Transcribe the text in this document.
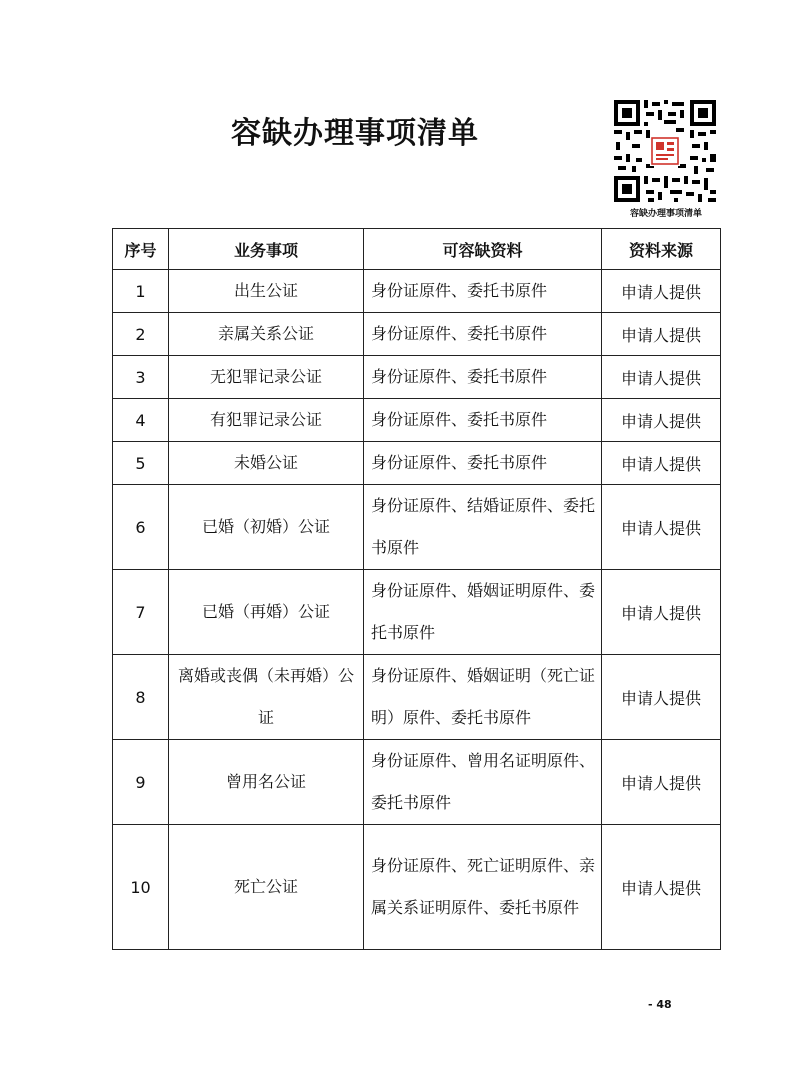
容缺办理事项清单
容缺办理事项清单
序号	业务事项	可容缺资料	资料来源
1	出生公证	身份证原件、委托书原件	申请人提供
2	亲属关系公证	身份证原件、委托书原件	申请人提供
3	无犯罪记录公证	身份证原件、委托书原件	申请人提供
4	有犯罪记录公证	身份证原件、委托书原件	申请人提供
5	未婚公证	身份证原件、委托书原件	申请人提供
6	已婚（初婚）公证	身份证原件、结婚证原件、委托书原件	申请人提供
7	已婚（再婚）公证	身份证原件、婚姻证明原件、委托书原件	申请人提供
8	离婚或丧偶（未再婚）公证	身份证原件、婚姻证明（死亡证明）原件、委托书原件	申请人提供
9	曾用名公证	身份证原件、曾用名证明原件、委托书原件	申请人提供
10	死亡公证	身份证原件、死亡证明原件、亲属关系证明原件、委托书原件	申请人提供
- 48
